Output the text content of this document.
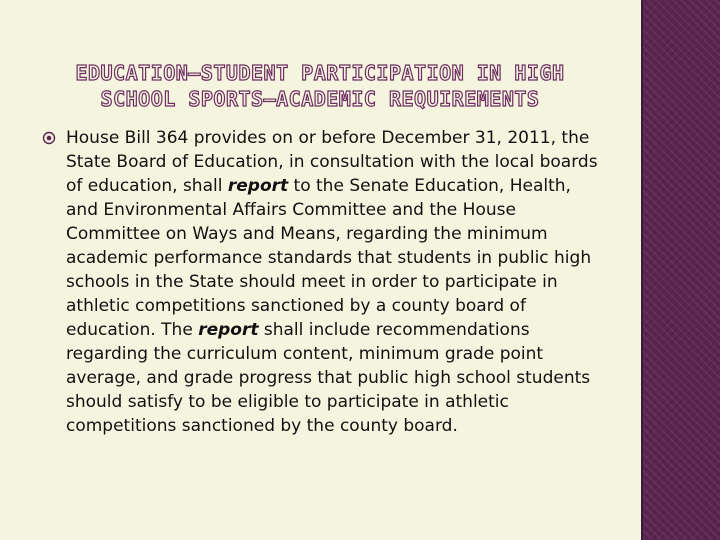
EDUCATION–STUDENT PARTICIPATION IN HIGH
SCHOOL SPORTS–ACADEMIC REQUIREMENTS
House Bill 364 provides on or before December 31, 2011, the State Board of Education, in consultation with the local boards of education, shall report to the Senate Education, Health, and Environmental Affairs Committee and the House Committee on Ways and Means, regarding the minimum academic performance standards that students in public high schools in the State should meet in order to participate in athletic competitions sanctioned by a county board of education. The report shall include recommendations regarding the curriculum content, minimum grade point average, and grade progress that public high school students should satisfy to be eligible to participate in athletic competitions sanctioned by the county board.
